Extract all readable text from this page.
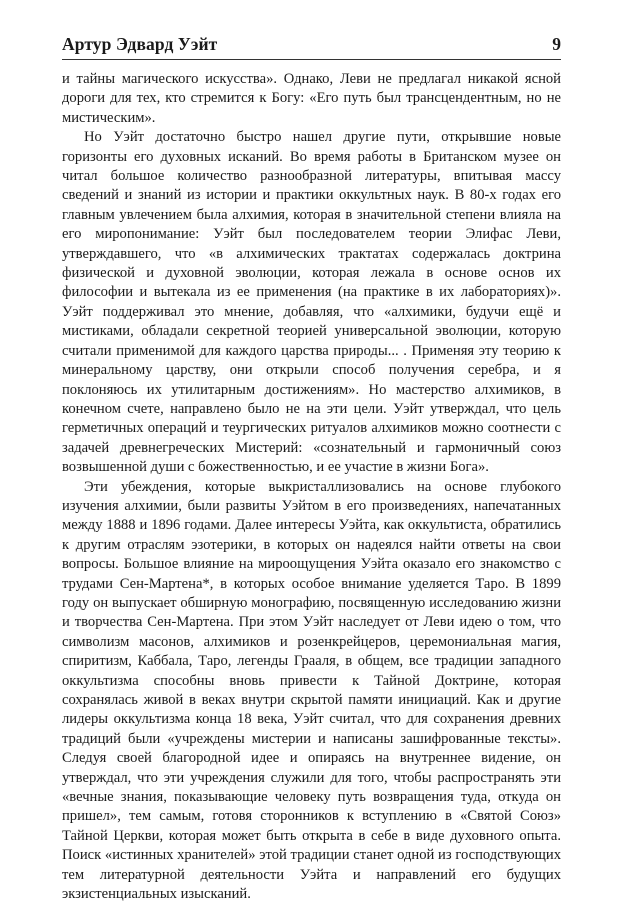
Артур Эдвард Уэйт	9

и тайны магического искусства». Однако, Леви не предлагал никакой ясной дороги для тех, кто стремится к Богу: «Его путь был трансцендентным, но не мистическим».

Но Уэйт достаточно быстро нашел другие пути, открывшие новые горизонты его духовных исканий. Во время работы в Британском музее он читал большое количество разнообразной литературы, впитывая массу сведений и знаний из истории и практики оккультных наук. В 80-х годах его главным увлечением была алхимия, которая в значительной степени влияла на его миропонимание: Уэйт был последователем теории Элифас Леви, утверждавшего, что «в алхимических трактатах содержалась доктрина физической и духовной эволюции, которая лежала в основе основ их философии и вытекала из ее применения (на практике в их лабораториях)». Уэйт поддерживал это мнение, добавляя, что «алхимики, будучи ещё и мистиками, обладали секретной теорией универсальной эволюции, которую считали применимой для каждого царства природы... . Применяя эту теорию к минеральному царству, они открыли способ получения серебра, и я поклоняюсь их утилитарным достижениям». Но мастерство алхимиков, в конечном счете, направлено было не на эти цели. Уэйт утверждал, что цель герметичных операций и теургических ритуалов алхимиков можно соотнести с задачей древнегреческих Мистерий: «сознательный и гармоничный союз возвышенной души с божественностью, и ее участие в жизни Бога».

Эти убеждения, которые выкристаллизовались на основе глубокого изучения алхимии, были развиты Уэйтом в его произведениях, напечатанных между 1888 и 1896 годами. Далее интересы Уэйта, как оккультиста, обратились к другим отраслям эзотерики, в которых он надеялся найти ответы на свои вопросы. Большое влияние на мироощущения Уэйта оказало его знакомство с трудами Сен-Мартена*, в которых особое внимание уделяется Таро. В 1899 году он выпускает обширную монографию, посвященную исследованию жизни и творчества Сен-Мартена. При этом Уэйт наследует от Леви идею о том, что символизм масонов, алхимиков и розенкрейцеров, церемониальная магия, спиритизм, Каббала, Таро, легенды Грааля, в общем, все традиции западного оккультизма способны вновь привести к Тайной Доктрине, которая сохранялась живой в веках внутри скрытой памяти инициаций. Как и другие лидеры оккультизма конца 18 века, Уэйт считал, что для сохранения древних традиций были «учреждены мистерии и написаны зашифрованные тексты». Следуя своей благородной идее и опираясь на внутреннее видение, он утверждал, что эти учреждения служили для того, чтобы распространять эти «вечные знания, показывающие человеку путь возвращения туда, откуда он пришел», тем самым, готовя сторонников к вступлению в «Святой Союз» Тайной Церкви, которая может быть открыта в себе в виде духовного опыта. Поиск «истинных хранителей» этой традиции станет одной из господствующих тем литературной деятельности Уэйта и направлений его будущих экзистенциальных изысканий.
